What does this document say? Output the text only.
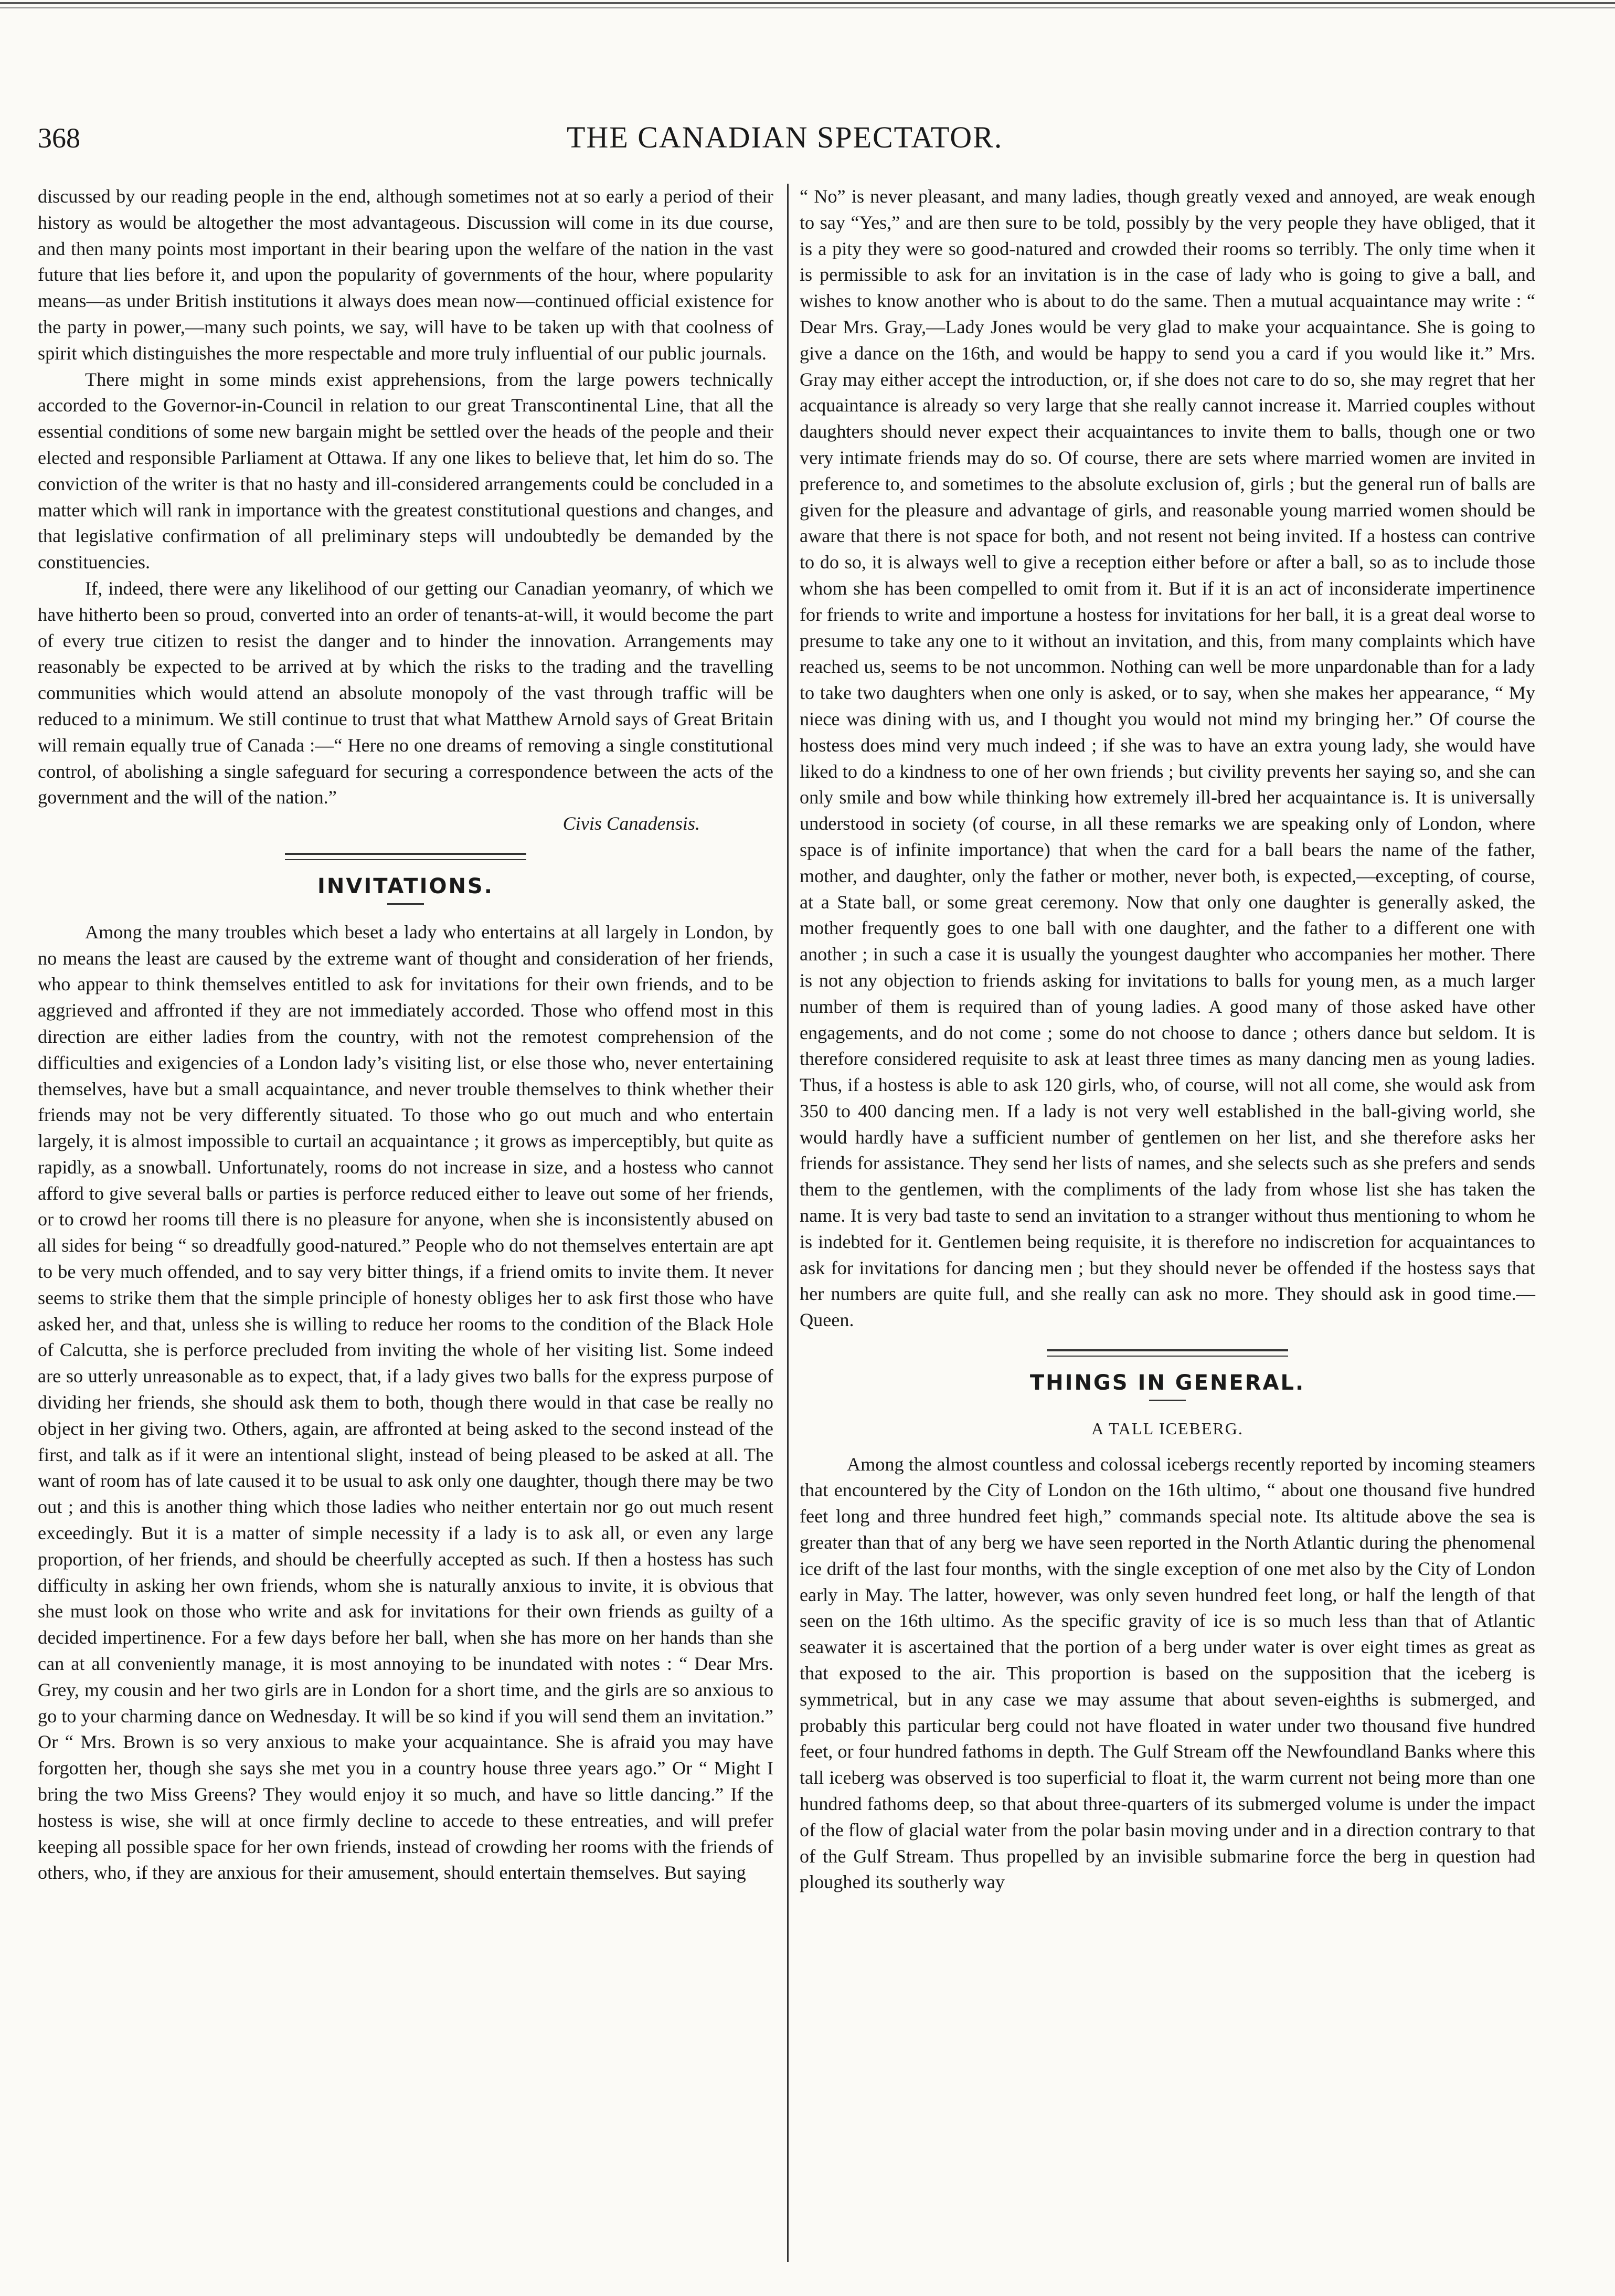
368	THE CANADIAN SPECTATOR.

discussed by our reading people in the end, although sometimes not at so early a period of their history as would be altogether the most advantageous. Discussion will come in its due course, and then many points most important in their bearing upon the welfare of the nation in the vast future that lies before it, and upon the popularity of governments of the hour, where popularity means—as under British institutions it always does mean now—continued official existence for the party in power,—many such points, we say, will have to be taken up with that coolness of spirit which distinguishes the more respectable and more truly influential of our public journals.

There might in some minds exist apprehensions, from the large powers technically accorded to the Governor-in-Council in relation to our great Transcontinental Line, that all the essential conditions of some new bargain might be settled over the heads of the people and their elected and responsible Parliament at Ottawa. If any one likes to believe that, let him do so. The conviction of the writer is that no hasty and ill-considered arrangements could be concluded in a matter which will rank in importance with the greatest constitutional questions and changes, and that legislative confirmation of all preliminary steps will undoubtedly be demanded by the constituencies.

If, indeed, there were any likelihood of our getting our Canadian yeomanry, of which we have hitherto been so proud, converted into an order of tenants-at-will, it would become the part of every true citizen to resist the danger and to hinder the innovation. Arrangements may reasonably be expected to be arrived at by which the risks to the trading and the travelling communities which would attend an absolute monopoly of the vast through traffic will be reduced to a minimum. We still continue to trust that what Matthew Arnold says of Great Britain will remain equally true of Canada :—“ Here no one dreams of removing a single constitutional control, of abolishing a single safeguard for securing a correspondence between the acts of the government and the will of the nation.”

Civis Canadensis.

INVITATIONS.

Among the many troubles which beset a lady who entertains at all largely in London, by no means the least are caused by the extreme want of thought and consideration of her friends, who appear to think themselves entitled to ask for invitations for their own friends, and to be aggrieved and affronted if they are not immediately accorded. Those who offend most in this direction are either ladies from the country, with not the remotest comprehension of the difficulties and exigencies of a London lady’s visiting list, or else those who, never entertaining themselves, have but a small acquaintance, and never trouble themselves to think whether their friends may not be very differently situated. To those who go out much and who entertain largely, it is almost impossible to curtail an acquaintance ; it grows as imperceptibly, but quite as rapidly, as a snowball. Unfortunately, rooms do not increase in size, and a hostess who cannot afford to give several balls or parties is perforce reduced either to leave out some of her friends, or to crowd her rooms till there is no pleasure for anyone, when she is inconsistently abused on all sides for being “ so dreadfully good-natured.” People who do not themselves entertain are apt to be very much offended, and to say very bitter things, if a friend omits to invite them. It never seems to strike them that the simple principle of honesty obliges her to ask first those who have asked her, and that, unless she is willing to reduce her rooms to the condition of the Black Hole of Calcutta, she is perforce precluded from inviting the whole of her visiting list. Some indeed are so utterly unreasonable as to expect, that, if a lady gives two balls for the express purpose of dividing her friends, she should ask them to both, though there would in that case be really no object in her giving two. Others, again, are affronted at being asked to the second instead of the first, and talk as if it were an intentional slight, instead of being pleased to be asked at all. The want of room has of late caused it to be usual to ask only one daughter, though there may be two out ; and this is another thing which those ladies who neither entertain nor go out much resent exceedingly. But it is a matter of simple necessity if a lady is to ask all, or even any large proportion, of her friends, and should be cheerfully accepted as such. If then a hostess has such difficulty in asking her own friends, whom she is naturally anxious to invite, it is obvious that she must look on those who write and ask for invitations for their own friends as guilty of a decided impertinence. For a few days before her ball, when she has more on her hands than she can at all conveniently manage, it is most annoying to be inundated with notes : “ Dear Mrs. Grey, my cousin and her two girls are in London for a short time, and the girls are so anxious to go to your charming dance on Wednesday. It will be so kind if you will send them an invitation.” Or “ Mrs. Brown is so very anxious to make your acquaintance. She is afraid you may have forgotten her, though she says she met you in a country house three years ago.” Or “ Might I bring the two Miss Greens? They would enjoy it so much, and have so little dancing.” If the hostess is wise, she will at once firmly decline to accede to these entreaties, and will prefer keeping all possible space for her own friends, instead of crowding her rooms with the friends of others, who, if they are anxious for their amusement, should entertain themselves. But saying

“ No” is never pleasant, and many ladies, though greatly vexed and annoyed, are weak enough to say “Yes,” and are then sure to be told, possibly by the very people they have obliged, that it is a pity they were so good-natured and crowded their rooms so terribly. The only time when it is permissible to ask for an invitation is in the case of lady who is going to give a ball, and wishes to know another who is about to do the same. Then a mutual acquaintance may write : “ Dear Mrs. Gray,—Lady Jones would be very glad to make your acquaintance. She is going to give a dance on the 16th, and would be happy to send you a card if you would like it.” Mrs. Gray may either accept the introduction, or, if she does not care to do so, she may regret that her acquaintance is already so very large that she really cannot increase it. Married couples without daughters should never expect their acquaintances to invite them to balls, though one or two very intimate friends may do so. Of course, there are sets where married women are invited in preference to, and sometimes to the absolute exclusion of, girls ; but the general run of balls are given for the pleasure and advantage of girls, and reasonable young married women should be aware that there is not space for both, and not resent not being invited. If a hostess can contrive to do so, it is always well to give a reception either before or after a ball, so as to include those whom she has been compelled to omit from it. But if it is an act of inconsiderate impertinence for friends to write and importune a hostess for invitations for her ball, it is a great deal worse to presume to take any one to it without an invitation, and this, from many complaints which have reached us, seems to be not uncommon. Nothing can well be more unpardonable than for a lady to take two daughters when one only is asked, or to say, when she makes her appearance, “ My niece was dining with us, and I thought you would not mind my bringing her.” Of course the hostess does mind very much indeed ; if she was to have an extra young lady, she would have liked to do a kindness to one of her own friends ; but civility prevents her saying so, and she can only smile and bow while thinking how extremely ill-bred her acquaintance is. It is universally understood in society (of course, in all these remarks we are speaking only of London, where space is of infinite importance) that when the card for a ball bears the name of the father, mother, and daughter, only the father or mother, never both, is expected,—excepting, of course, at a State ball, or some great ceremony. Now that only one daughter is generally asked, the mother frequently goes to one ball with one daughter, and the father to a different one with another ; in such a case it is usually the youngest daughter who accompanies her mother. There is not any objection to friends asking for invitations to balls for young men, as a much larger number of them is required than of young ladies. A good many of those asked have other engagements, and do not come ; some do not choose to dance ; others dance but seldom. It is therefore considered requisite to ask at least three times as many dancing men as young ladies. Thus, if a hostess is able to ask 120 girls, who, of course, will not all come, she would ask from 350 to 400 dancing men. If a lady is not very well established in the ball-giving world, she would hardly have a sufficient number of gentlemen on her list, and she therefore asks her friends for assistance. They send her lists of names, and she selects such as she prefers and sends them to the gentlemen, with the compliments of the lady from whose list she has taken the name. It is very bad taste to send an invitation to a stranger without thus mentioning to whom he is indebted for it. Gentlemen being requisite, it is therefore no indiscretion for acquaintances to ask for invitations for dancing men ; but they should never be offended if the hostess says that her numbers are quite full, and she really can ask no more. They should ask in good time.—Queen.

THINGS IN GENERAL.
A TALL ICEBERG.

Among the almost countless and colossal icebergs recently reported by incoming steamers that encountered by the City of London on the 16th ultimo, “ about one thousand five hundred feet long and three hundred feet high,” commands special note. Its altitude above the sea is greater than that of any berg we have seen reported in the North Atlantic during the phenomenal ice drift of the last four months, with the single exception of one met also by the City of London early in May. The latter, however, was only seven hundred feet long, or half the length of that seen on the 16th ultimo. As the specific gravity of ice is so much less than that of Atlantic seawater it is ascertained that the portion of a berg under water is over eight times as great as that exposed to the air. This proportion is based on the supposition that the iceberg is symmetrical, but in any case we may assume that about seven-eighths is submerged, and probably this particular berg could not have floated in water under two thousand five hundred feet, or four hundred fathoms in depth. The Gulf Stream off the Newfoundland Banks where this tall iceberg was observed is too superficial to float it, the warm current not being more than one hundred fathoms deep, so that about three-quarters of its submerged volume is under the impact of the flow of glacial water from the polar basin moving under and in a direction contrary to that of the Gulf Stream. Thus propelled by an invisible submarine force the berg in question had ploughed its southerly way
